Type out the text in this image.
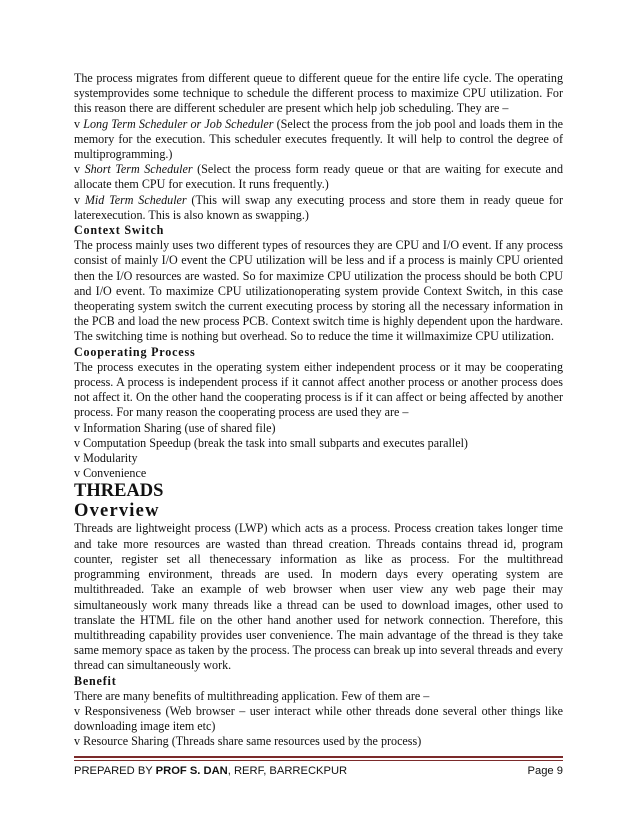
The process migrates from different queue to different queue for the entire life cycle. The operating systemprovides some technique to schedule the different process to maximize CPU utilization. For this reason there are different scheduler are present which help job scheduling. They are –

v Long Term Scheduler or Job Scheduler (Select the process from the job pool and loads them in the memory for the execution. This scheduler executes frequently. It will help to control the degree of multiprogramming.)

v Short Term Scheduler (Select the process form ready queue or that are waiting for execute and allocate them CPU for execution. It runs frequently.)

v Mid Term Scheduler (This will swap any executing process and store them in ready queue for laterexecution. This is also known as swapping.)

Context Switch

The process mainly uses two different types of resources they are CPU and I/O event. If any process consist of mainly I/O event the CPU utilization will be less and if a process is mainly CPU oriented then the I/O resources are wasted. So for maximize CPU utilization the process should be both CPU and I/O event. To maximize CPU utilizationoperating system provide Context Switch, in this case theoperating system switch the current executing process by storing all the necessary information in the PCB and load the new process PCB. Context switch time is highly dependent upon the hardware. The switching time is nothing but overhead. So to reduce the time it willmaximize CPU utilization.

Cooperating Process

The process executes in the operating system either independent process or it may be cooperating process. A process is independent process if it cannot affect another process or another process does not affect it. On the other hand the cooperating process is if it can affect or being affected by another process. For many reason the cooperating process are used they are –

v Information Sharing (use of shared file)

v Computation Speedup (break the task into small subparts and executes parallel)

v Modularity

v Convenience

THREADS

Overview

Threads are lightweight process (LWP) which acts as a process. Process creation takes longer time and take more resources are wasted than thread creation. Threads contains thread id, program counter, register set all thenecessary information as like as process. For the multithread programming environment, threads are used. In modern days every operating system are multithreaded. Take an example of web browser when user view any web page their may simultaneously work many threads like a thread can be used to download images, other used to translate the HTML file on the other hand another used for network connection. Therefore, this multithreading capability provides user convenience. The main advantage of the thread is they take same memory space as taken by the process. The process can break up into several threads and every thread can simultaneously work.

Benefit

There are many benefits of multithreading application. Few of them are –

v Responsiveness (Web browser – user interact while other threads done several other things like downloading image item etc)

v Resource Sharing (Threads share same resources used by the process)

PREPARED BY PROF S. DAN, RERF, BARRECKPUR	Page 9
